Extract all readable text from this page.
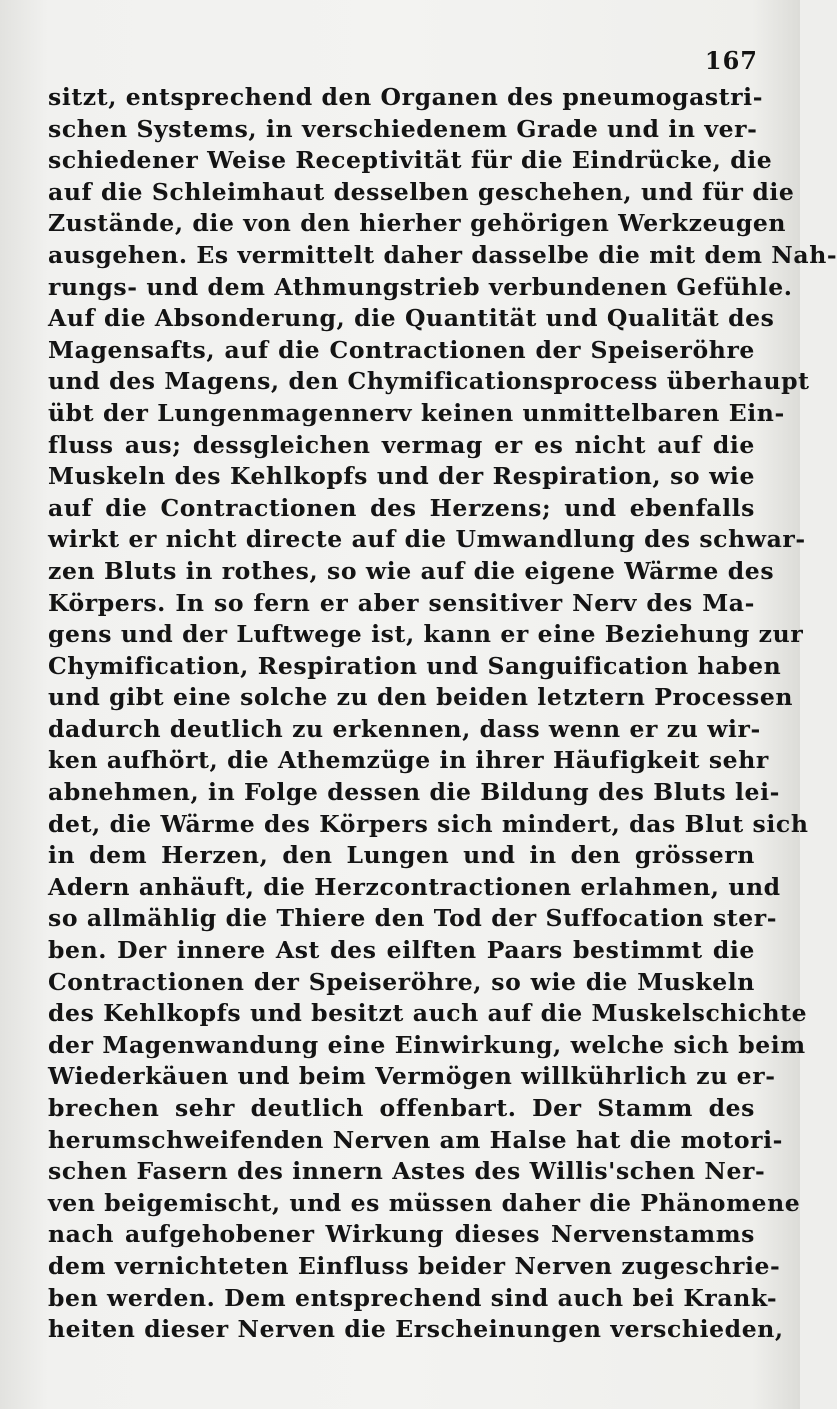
167
sitzt, entsprechend den Organen des pneumogastri-
schen Systems, in verschiedenem Grade und in ver-
schiedener Weise Receptivität für die Eindrücke, die
auf die Schleimhaut desselben geschehen, und für die
Zustände, die von den hierher gehörigen Werkzeugen
ausgehen. Es vermittelt daher dasselbe die mit dem Nah-
rungs- und dem Athmungstrieb verbundenen Gefühle.
Auf die Absonderung, die Quantität und Qualität des
Magensafts, auf die Contractionen der Speiseröhre
und des Magens, den Chymificationsprocess überhaupt
übt der Lungenmagennerv keinen unmittelbaren Ein-
fluss aus; dessgleichen vermag er es nicht auf die
Muskeln des Kehlkopfs und der Respiration, so wie
auf die Contractionen des Herzens; und ebenfalls
wirkt er nicht directe auf die Umwandlung des schwar-
zen Bluts in rothes, so wie auf die eigene Wärme des
Körpers. In so fern er aber sensitiver Nerv des Ma-
gens und der Luftwege ist, kann er eine Beziehung zur
Chymification, Respiration und Sanguification haben
und gibt eine solche zu den beiden letztern Processen
dadurch deutlich zu erkennen, dass wenn er zu wir-
ken aufhört, die Athemzüge in ihrer Häufigkeit sehr
abnehmen, in Folge dessen die Bildung des Bluts lei-
det, die Wärme des Körpers sich mindert, das Blut sich
in dem Herzen, den Lungen und in den grössern
Adern anhäuft, die Herzcontractionen erlahmen, und
so allmählig die Thiere den Tod der Suffocation ster-
ben. Der innere Ast des eilften Paars bestimmt die
Contractionen der Speiseröhre, so wie die Muskeln
des Kehlkopfs und besitzt auch auf die Muskelschichte
der Magenwandung eine Einwirkung, welche sich beim
Wiederkäuen und beim Vermögen willkührlich zu er-
brechen sehr deutlich offenbart. Der Stamm des
herumschweifenden Nerven am Halse hat die motori-
schen Fasern des innern Astes des Willis'schen Ner-
ven beigemischt, und es müssen daher die Phänomene
nach aufgehobener Wirkung dieses Nervenstamms
dem vernichteten Einfluss beider Nerven zugeschrie-
ben werden. Dem entsprechend sind auch bei Krank-
heiten dieser Nerven die Erscheinungen verschieden,
